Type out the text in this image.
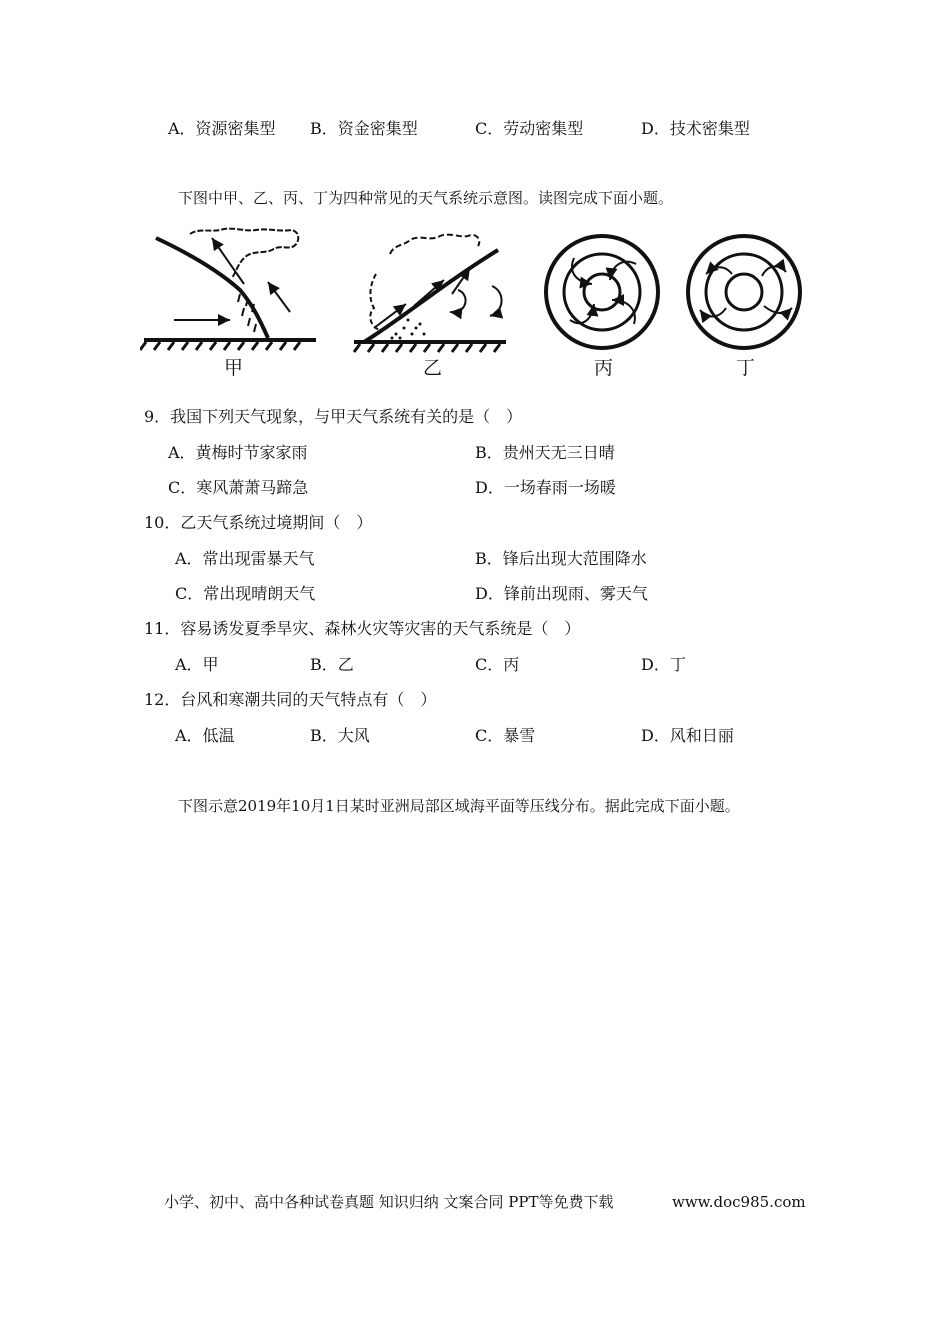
A．资源密集型 B．资金密集型	C．劳动密集型	D．技术密集型
下图中甲、乙、丙、丁为四种常见的天气系统示意图。读图完成下面小题。
甲	乙	丙	丁
9．我国下列天气现象，与甲天气系统有关的是（　）
A．黄梅时节家家雨	B．贵州天无三日晴
C．寒风萧萧马蹄急	D．一场春雨一场暖
10．乙天气系统过境期间（　）
A．常出现雷暴天气	B．锋后出现大范围降水
C．常出现晴朗天气	D．锋前出现雨、雾天气
11．容易诱发夏季旱灾、森林火灾等灾害的天气系统是（　）
A．甲	B．乙	C．丙	D．丁
12．台风和寒潮共同的天气特点有（　）
A．低温	B．大风	C．暴雪	D．风和日丽
下图示意2019年10月1日某时亚洲局部区域海平面等压线分布。据此完成下面小题。
小学、初中、高中各种试卷真题 知识归纳 文案合同 PPT等免费下载	www.doc985.com
